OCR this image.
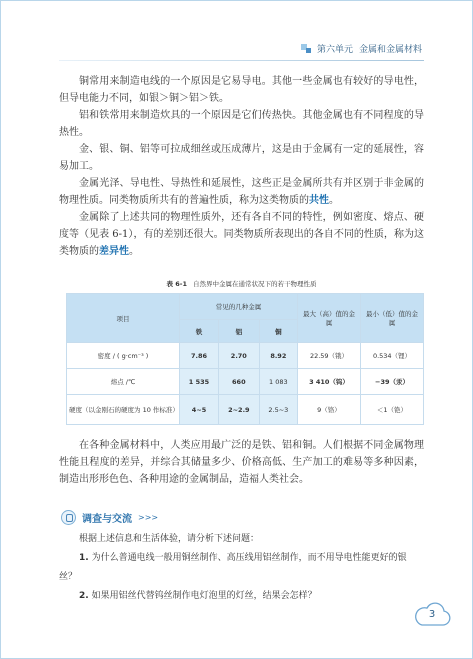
第六单元 金属和金属材料

铜常用来制造电线的一个原因是它易导电。其他一些金属也有较好的导电性，但导电能力不同，如银＞铜＞铝＞铁。

铝和铁常用来制造炊具的一个原因是它们传热快。其他金属也有不同程度的导热性。

金、银、铜、铝等可拉成细丝或压成薄片，这是由于金属有一定的延展性，容易加工。

金属光泽、导电性、导热性和延展性，这些正是金属所共有并区别于非金属的物理性质。同类物质所共有的普遍性质，称为这类物质的共性。

金属除了上述共同的物理性质外，还有各自不同的特性，例如密度、熔点、硬度等（见表 6-1），有的差别还很大。同类物质所表现出的各自不同的性质，称为这类物质的差异性。

表 6-1 自然界中金属在通常状况下的若干物理性质
项目	常见的几种金属			最大（高）值的金属	最小（低）值的金属
	铁	铝	铜		
密度 / ( g·cm⁻³ )	7.86	2.70	8.92	22.59（锇）	0.534（锂）
熔点 /℃	1 535	660	1 083	3 410（钨）	−39（汞）
硬度（以金刚石的硬度为 10 作标准）	4~5	2~2.9	2.5~3	9（铬）	＜1（铯）

在各种金属材料中，人类应用最广泛的是铁、铝和铜。人们根据不同金属物理性能且程度的差异，并综合其储量多少、价格高低、生产加工的难易等多种因素，制造出形形色色、各种用途的金属制品，造福人类社会。

调查与交流 >>>

根据上述信息和生活体验，请分析下述问题：

1. 为什么普通电线一般用铜丝制作、高压线用铝丝制作，而不用导电性能更好的银丝？

2. 如果用铝丝代替钨丝制作电灯泡里的灯丝，结果会怎样？

3
